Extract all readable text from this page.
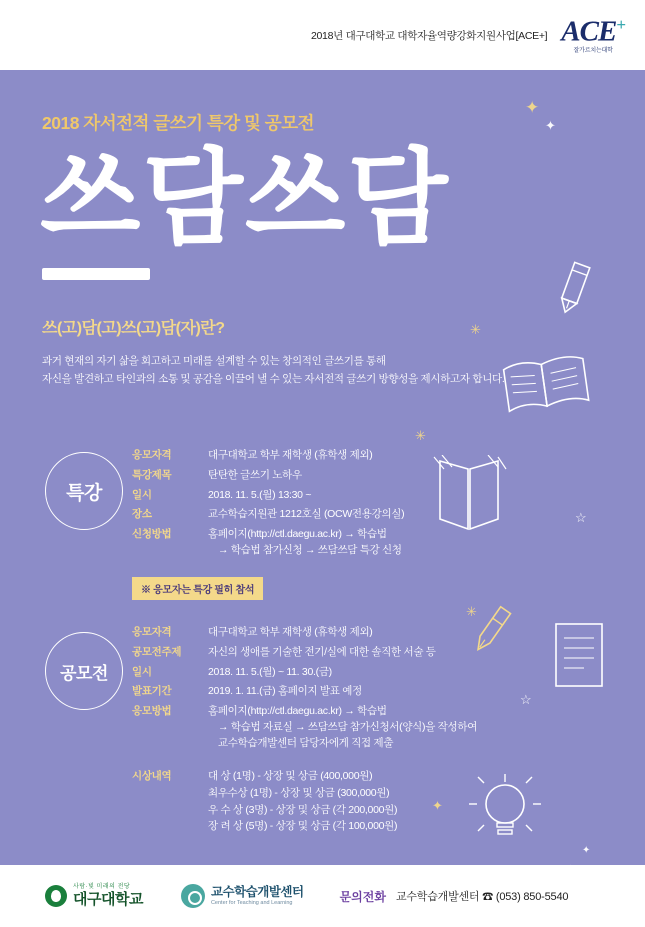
2018년 대구대학교 대학자율역량강화지원사업[ACE+] ACE+
잘가르치는대학
✦
✦
✳
✳
✳
☆
☆
✦
✦
2018 자서전적 글쓰기 특강 및 공모전
쓰담쓰담
쓰(고)담(고)쓰(고)담(자)란?
과거 현재의 자기 삶을 회고하고 미래를 설계할 수 있는 창의적인 글쓰기를 통해
자신을 발견하고 타인과의 소통 및 공감을 이끌어 낼 수 있는 자서전적 글쓰기 방향성을 제시하고자 합니다.
특강
응모자격	대구대학교 학부 재학생 (휴학생 제외)
특강제목	탄탄한 글쓰기 노하우
일시	2018. 11. 5.(월) 13:30 ~
장소	교수학습지원관 1212호실 (OCW전용강의실)
신청방법	홈페이지(http://ctl.daegu.ac.kr) → 학습법
→ 학습법 참가신청 → 쓰담쓰담 특강 신청
※ 응모자는 특강 필히 참석
공모전
응모자격	대구대학교 학부 재학생 (휴학생 제외)
공모전주제	자신의 생애를 기술한 전기/실에 대한 솔직한 서술 등
일시	2018. 11. 5.(월) ~ 11. 30.(금)
발표기간	2019. 1. 11.(금) 홈페이지 발표 예정
응모방법	홈페이지(http://ctl.daegu.ac.kr) → 학습법
→ 학습법 자료실 → 쓰담쓰담 참가신청서(양식)을 작성하여
교수학습개발센터 담당자에게 직접 제출
시상내역	대 상 (1명) - 상장 및 상금 (400,000원)
최우수상 (1명) - 상장 및 상금 (300,000원)
우 수 상 (3명) - 상장 및 상금 (각 200,000원)
장 려 상 (5명) - 상장 및 상금 (각 100,000원)
사람·빛 미래의 전당
대구대학교	교수학습개발센터
Center for Teaching and Learning	문의전화 교수학습개발센터 ☎ (053) 850-5540
